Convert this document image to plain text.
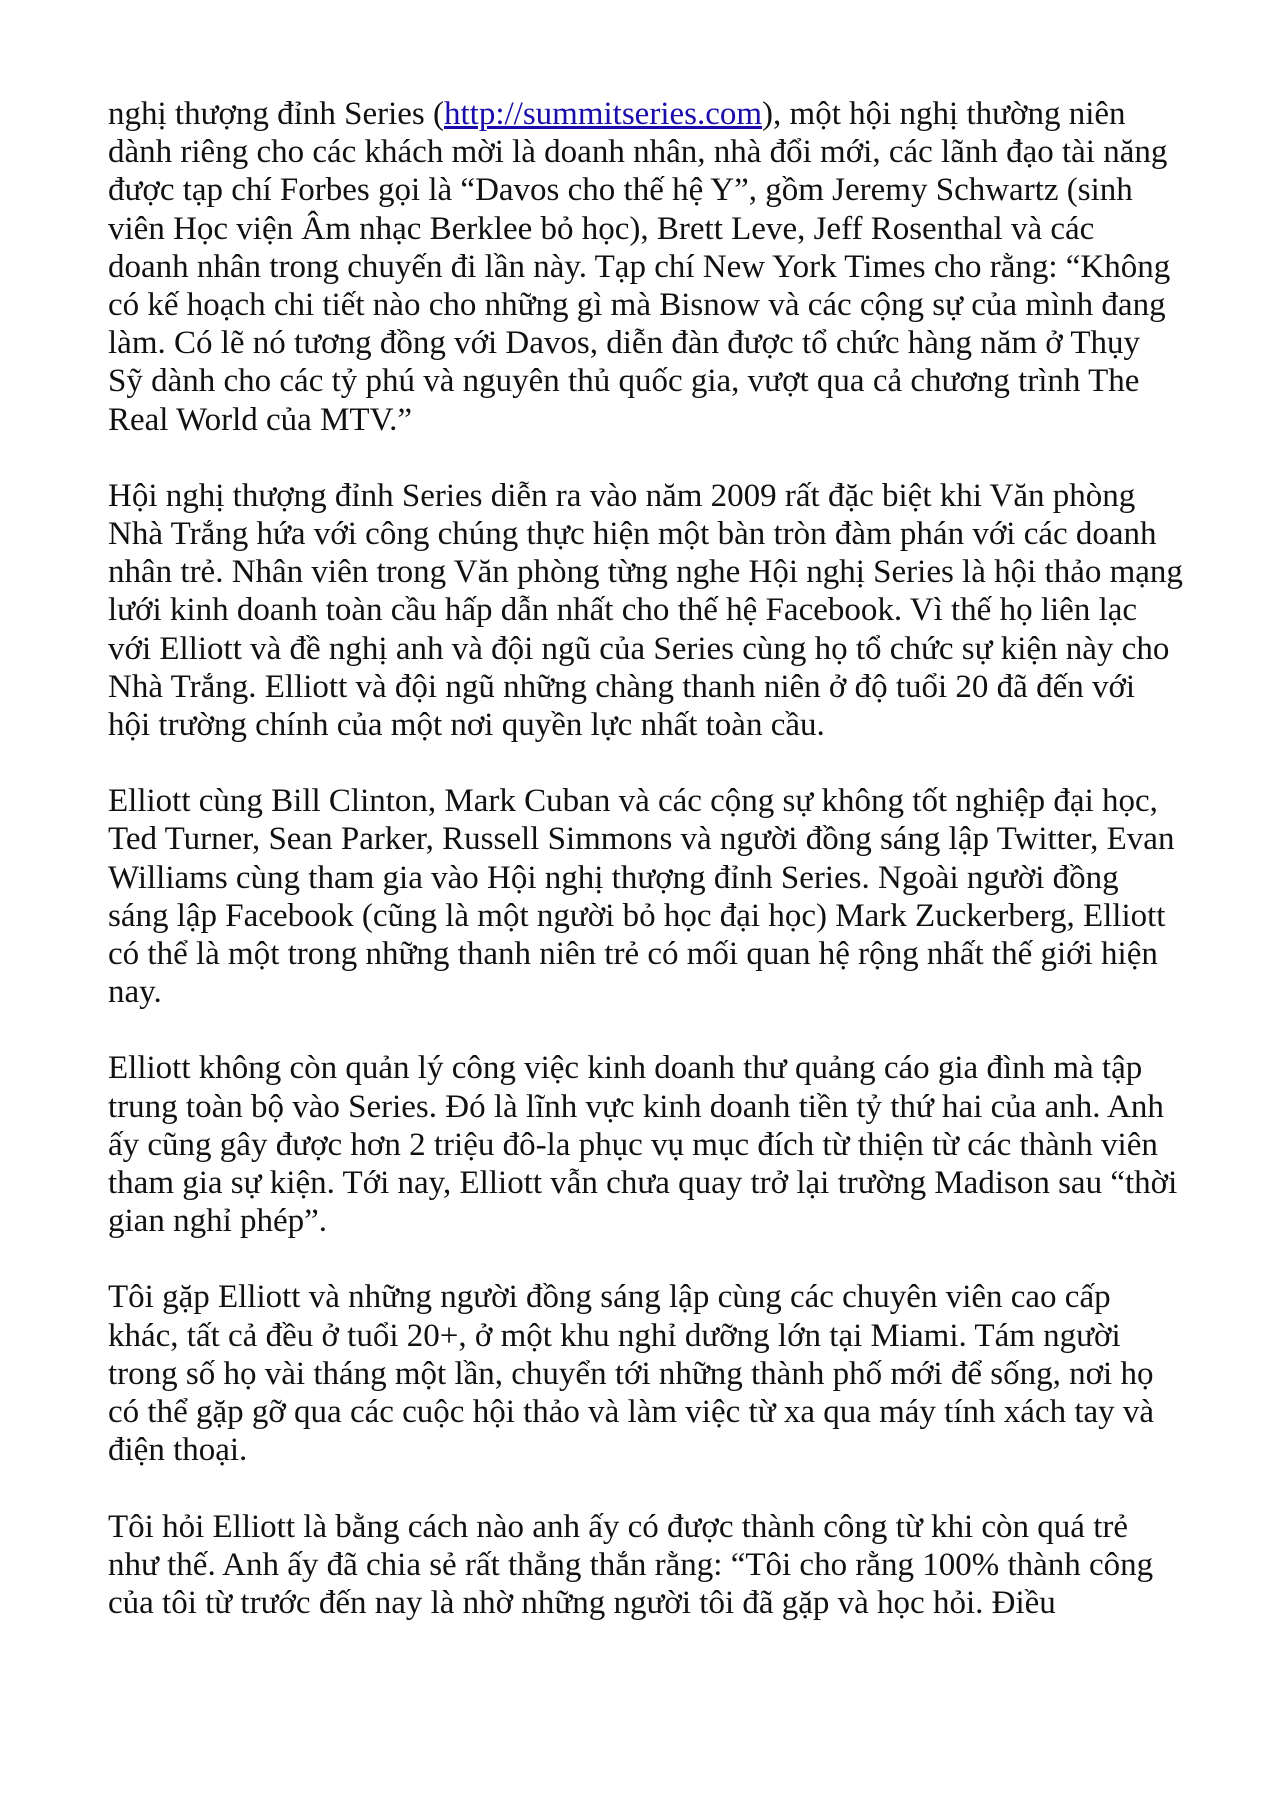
nghị thượng đỉnh Series (http://summitseries.com), một hội nghị thường niên dành riêng cho các khách mời là doanh nhân, nhà đổi mới, các lãnh đạo tài năng được tạp chí Forbes gọi là “Davos cho thế hệ Y”, gồm Jeremy Schwartz (sinh viên Học viện Âm nhạc Berklee bỏ học), Brett Leve, Jeff Rosenthal và các doanh nhân trong chuyến đi lần này. Tạp chí New York Times cho rằng: “Không có kế hoạch chi tiết nào cho những gì mà Bisnow và các cộng sự của mình đang làm. Có lẽ nó tương đồng với Davos, diễn đàn được tổ chức hàng năm ở Thụy Sỹ dành cho các tỷ phú và nguyên thủ quốc gia, vượt qua cả chương trình The Real World của MTV.”

Hội nghị thượng đỉnh Series diễn ra vào năm 2009 rất đặc biệt khi Văn phòng Nhà Trắng hứa với công chúng thực hiện một bàn tròn đàm phán với các doanh nhân trẻ. Nhân viên trong Văn phòng từng nghe Hội nghị Series là hội thảo mạng lưới kinh doanh toàn cầu hấp dẫn nhất cho thế hệ Facebook. Vì thế họ liên lạc với Elliott và đề nghị anh và đội ngũ của Series cùng họ tổ chức sự kiện này cho Nhà Trắng. Elliott và đội ngũ những chàng thanh niên ở độ tuổi 20 đã đến với hội trường chính của một nơi quyền lực nhất toàn cầu.

Elliott cùng Bill Clinton, Mark Cuban và các cộng sự không tốt nghiệp đại học, Ted Turner, Sean Parker, Russell Simmons và người đồng sáng lập Twitter, Evan Williams cùng tham gia vào Hội nghị thượng đỉnh Series. Ngoài người đồng sáng lập Facebook (cũng là một người bỏ học đại học) Mark Zuckerberg, Elliott có thể là một trong những thanh niên trẻ có mối quan hệ rộng nhất thế giới hiện nay.

Elliott không còn quản lý công việc kinh doanh thư quảng cáo gia đình mà tập trung toàn bộ vào Series. Đó là lĩnh vực kinh doanh tiền tỷ thứ hai của anh. Anh ấy cũng gây được hơn 2 triệu đô-la phục vụ mục đích từ thiện từ các thành viên tham gia sự kiện. Tới nay, Elliott vẫn chưa quay trở lại trường Madison sau “thời gian nghỉ phép”.

Tôi gặp Elliott và những người đồng sáng lập cùng các chuyên viên cao cấp khác, tất cả đều ở tuổi 20+, ở một khu nghỉ dưỡng lớn tại Miami. Tám người trong số họ vài tháng một lần, chuyển tới những thành phố mới để sống, nơi họ có thể gặp gỡ qua các cuộc hội thảo và làm việc từ xa qua máy tính xách tay và điện thoại.

Tôi hỏi Elliott là bằng cách nào anh ấy có được thành công từ khi còn quá trẻ như thế. Anh ấy đã chia sẻ rất thẳng thắn rằng: “Tôi cho rằng 100% thành công của tôi từ trước đến nay là nhờ những người tôi đã gặp và học hỏi. Điều
